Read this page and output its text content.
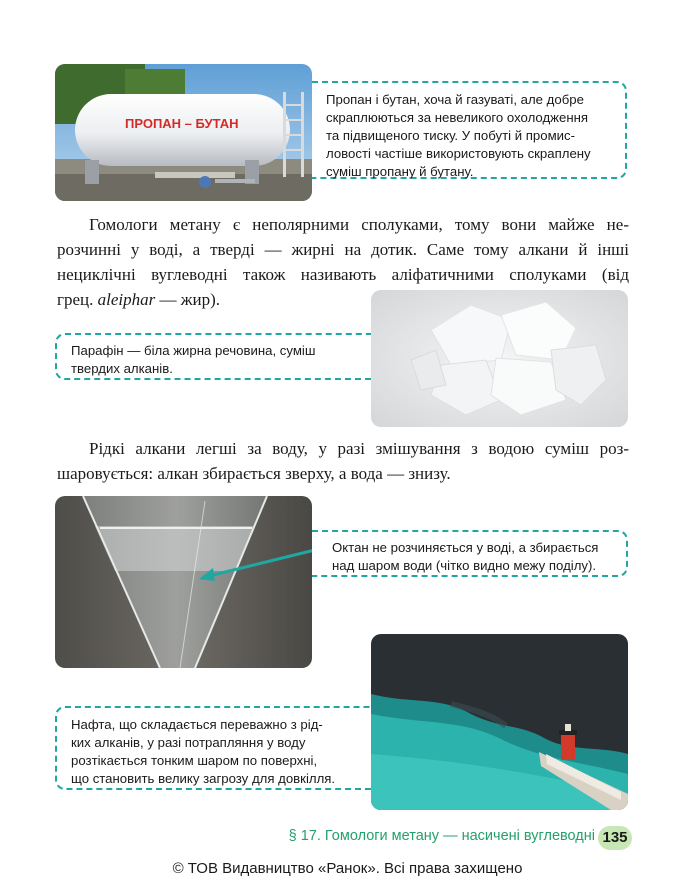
ПРОПАН – БУТАН
Пропан і бутан, хоча й газуваті, але добре
скраплюються за невеликого охолодження
та підвищеного тиску. У побуті й промис-
ловості частіше використовують скраплену
суміш пропану й бутану.
Гомологи метану є неполярними сполуками, тому вони майже не-
розчинні у воді, а тверді — жирні на дотик. Саме тому алкани й інші
нециклічні вуглеводні також називають аліфатичними сполуками (від
грец. aleiphar — жир).
Парафін — біла жирна речовина, суміш
твердих алканів.
Рідкі алкани легші за воду, у разі змішування з водою суміш роз-
шаровується: алкан збирається зверху, а вода — знизу.
Октан не розчиняється у воді, а збирається
над шаром води (чітко видно межу поділу).
Нафта, що складається переважно з рід-
ких алканів, у разі потрапляння у воду
розтікається тонким шаром по поверхні,
що становить велику загрозу для довкілля.
§ 17. Гомологи метану — насичені вуглеводні 135
© ТОВ Видавництво «Ранок». Всі права захищено
